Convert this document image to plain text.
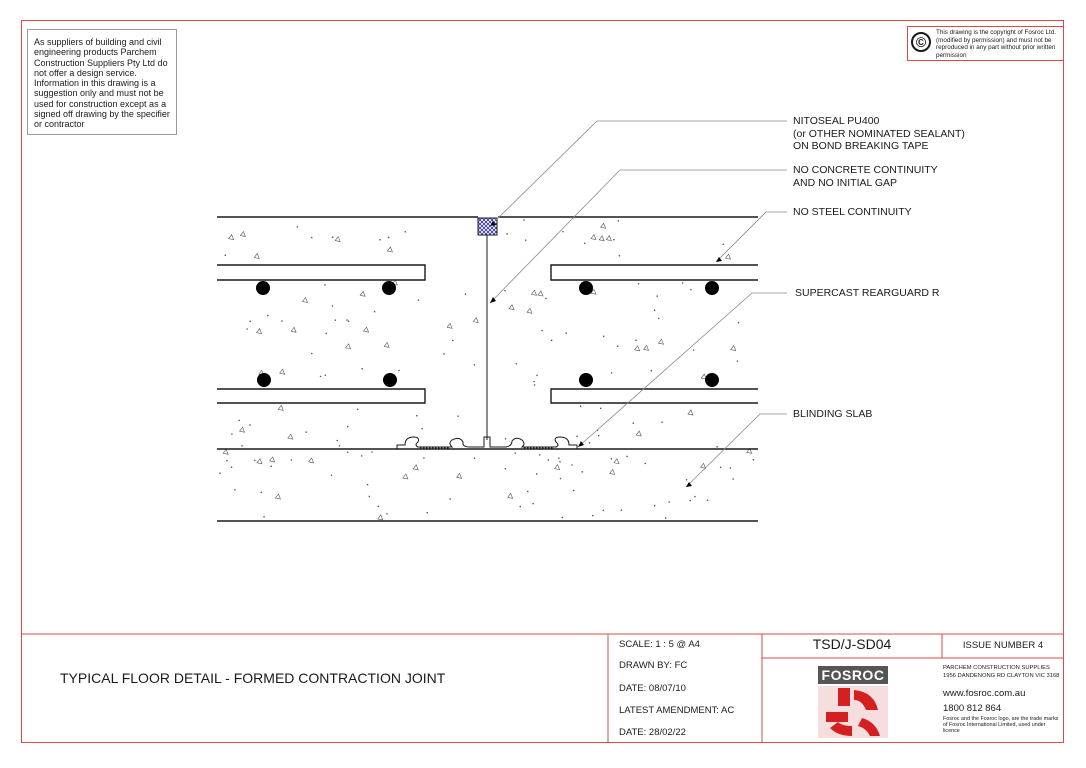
As suppliers of building and civil engineering products Parchem Construction Suppliers Pty Ltd do not offer a design service. Information in this drawing is a suggestion only and must not be used for construction except as a signed off drawing by the specifier or contractor
©
This drawing is the copyright of Fosroc Ltd. (modified by permission) and must not be reproduced in any part without prior written permission
NITOSEAL PU400
(or OTHER NOMINATED SEALANT)
ON BOND BREAKING TAPE
NO CONCRETE CONTINUITY
AND NO INITIAL GAP
NO STEEL CONTINUITY
SUPERCAST REARGUARD R
BLINDING SLAB
TYPICAL FLOOR DETAIL - FORMED CONTRACTION JOINT
SCALE: 1 : 5 @ A4
DRAWN BY: FC
DATE: 08/07/10
LATEST AMENDMENT: AC
DATE: 28/02/22
TSD/J-SD04	ISSUE NUMBER 4
PARCHEM CONSTRUCTION SUPPLIES
1956 DANDENONG RD CLAYTON VIC 3168
www.fosroc.com.au
1800 812 864
Fosroc and the Fosroc logo, are the trade marks of Fosroc International Limited, used under licence
FOSROC
